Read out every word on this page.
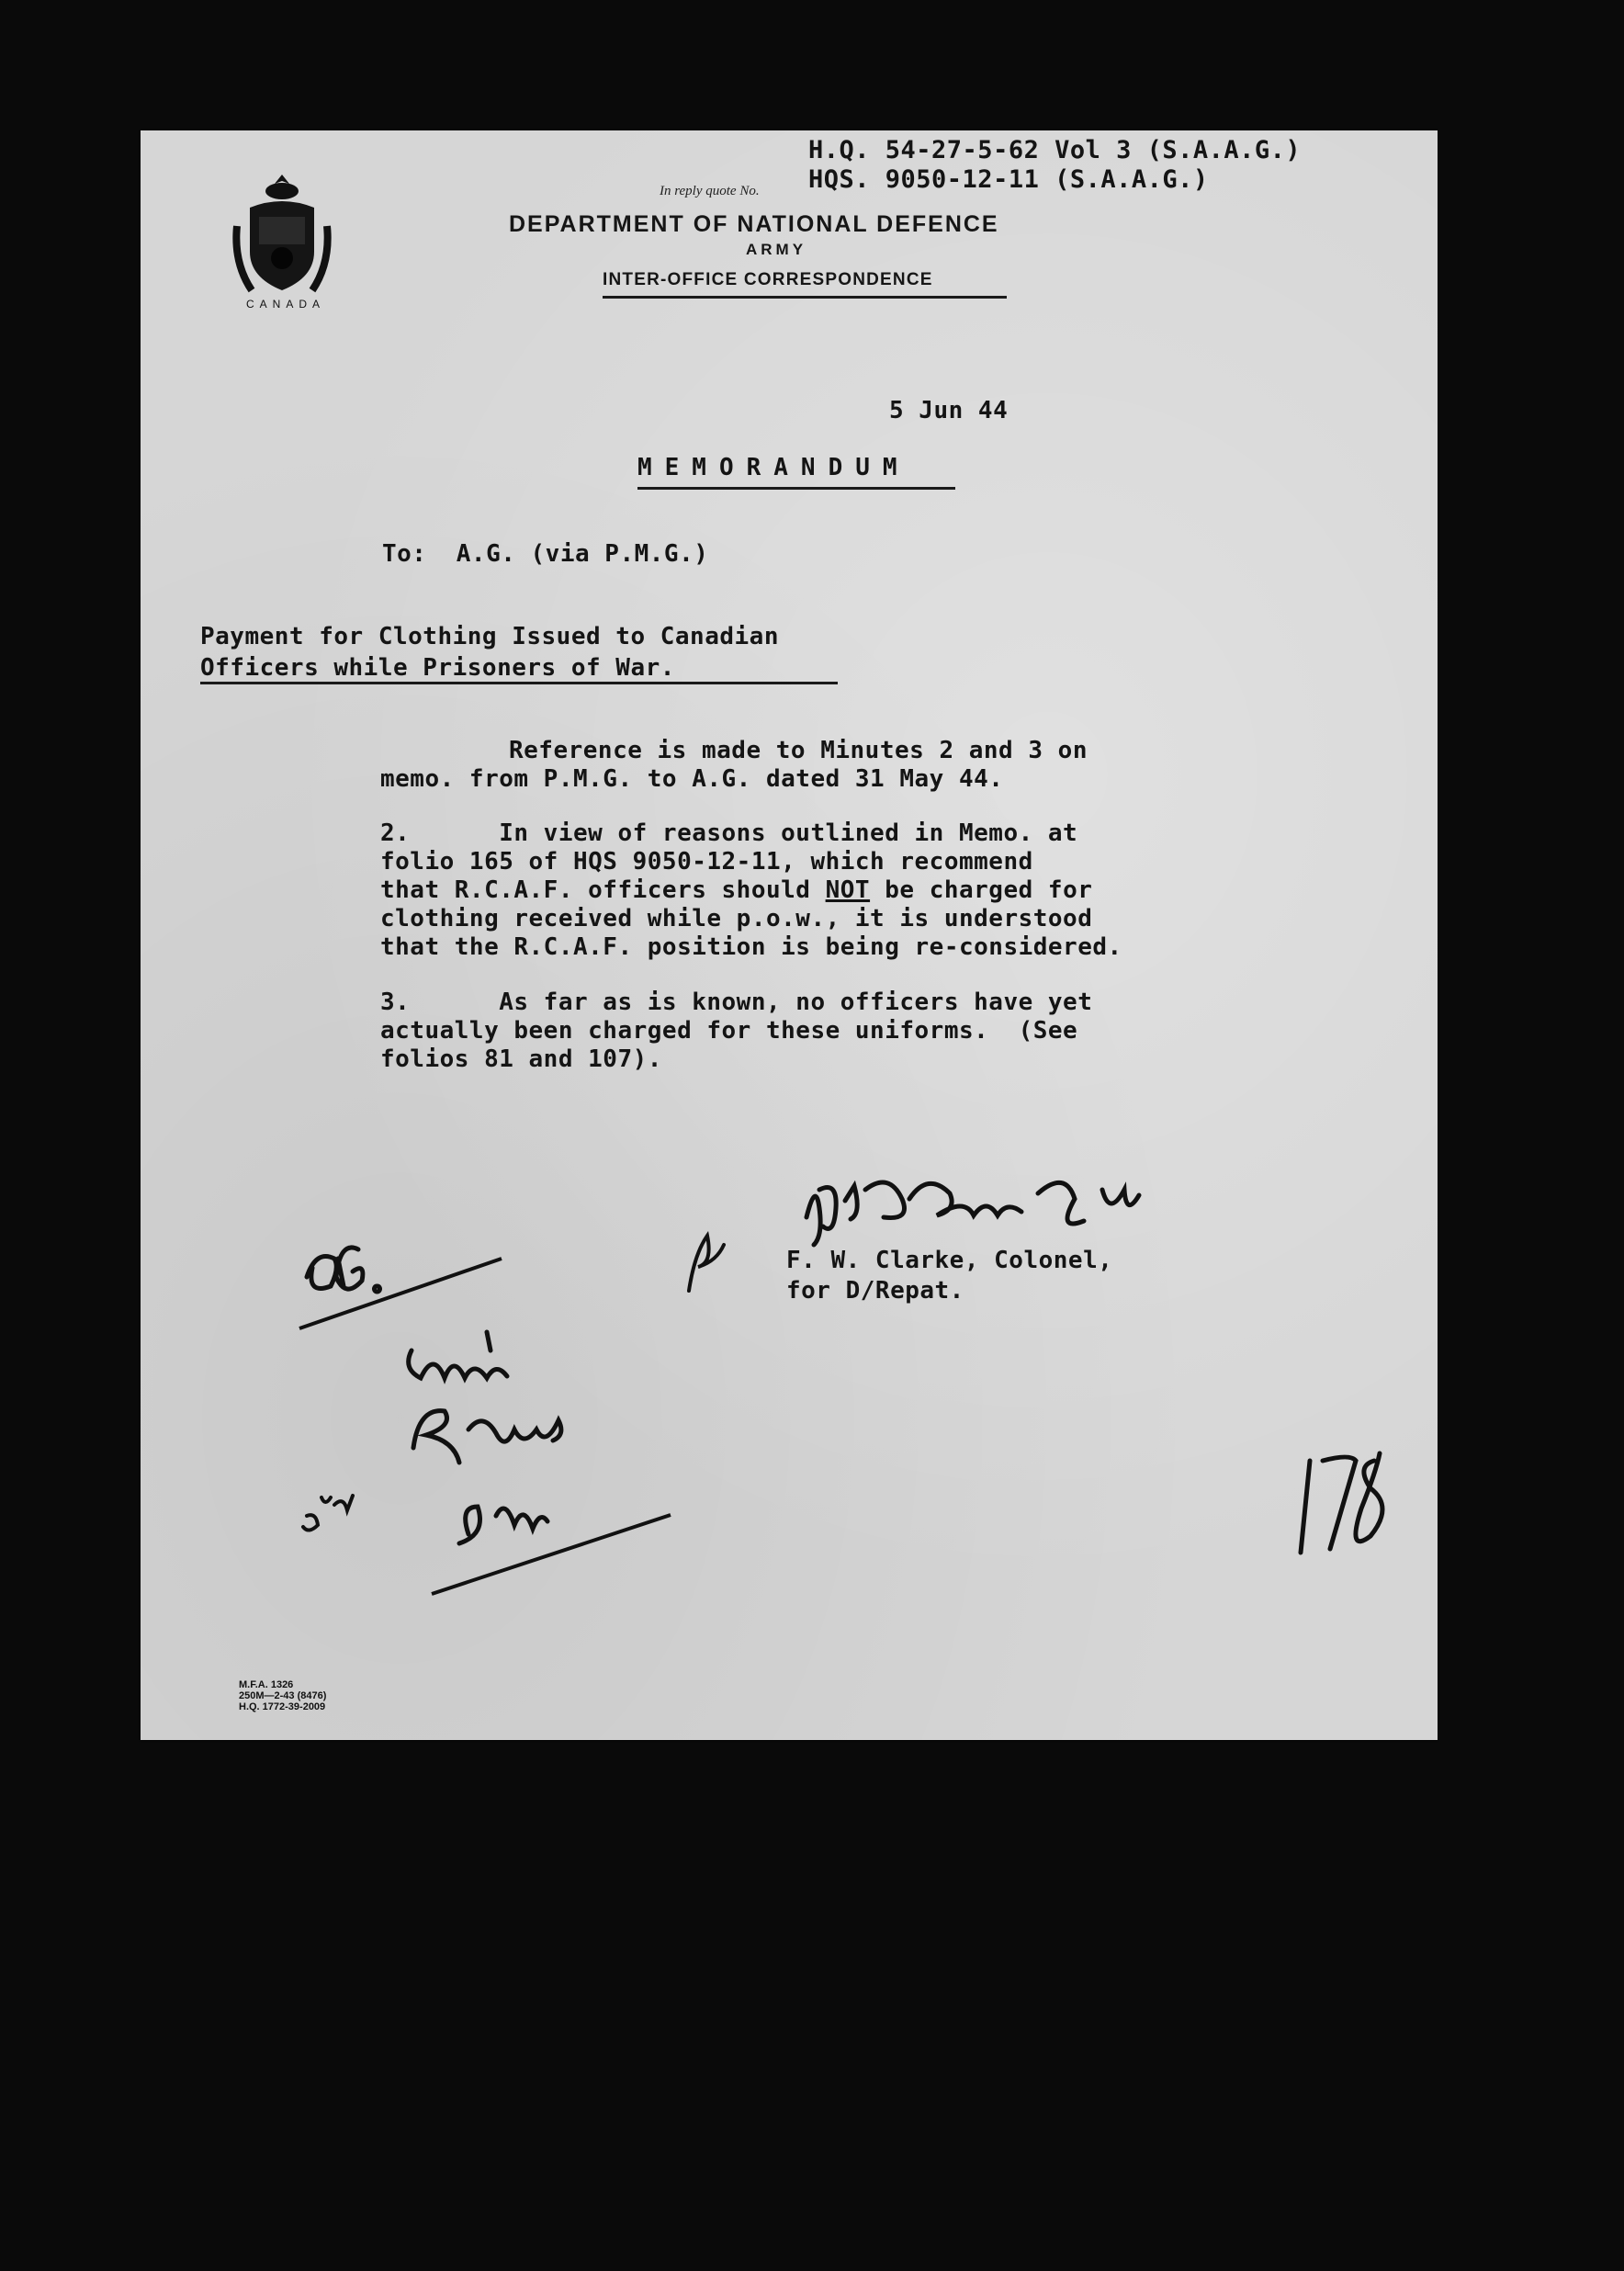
CANADA
H.Q. 54-27-5-62 Vol 3 (S.A.A.G.)
In reply quote No. HQS. 9050-12-11 (S.A.A.G.)
DEPARTMENT OF NATIONAL DEFENCE
ARMY
INTER-OFFICE CORRESPONDENCE
5 Jun 44
MEMORANDUM
To:  A.G. (via P.M.G.)
Payment for Clothing Issued to Canadian
Officers while Prisoners of War.
Reference is made to Minutes 2 and 3 on
memo. from P.M.G. to A.G. dated 31 May 44.
2.      In view of reasons outlined in Memo. at
folio 165 of HQS 9050-12-11, which recommend
that R.C.A.F. officers should NOT be charged for
clothing received while p.o.w., it is understood
that the R.C.A.F. position is being re-considered.
3.      As far as is known, no officers have yet
actually been charged for these uniforms.  (See
folios 81 and 107).
F. W. Clarke, Colonel,
for D/Repat.
M.F.A. 1326
250M—2-43 (8476)
H.Q. 1772-39-2009
